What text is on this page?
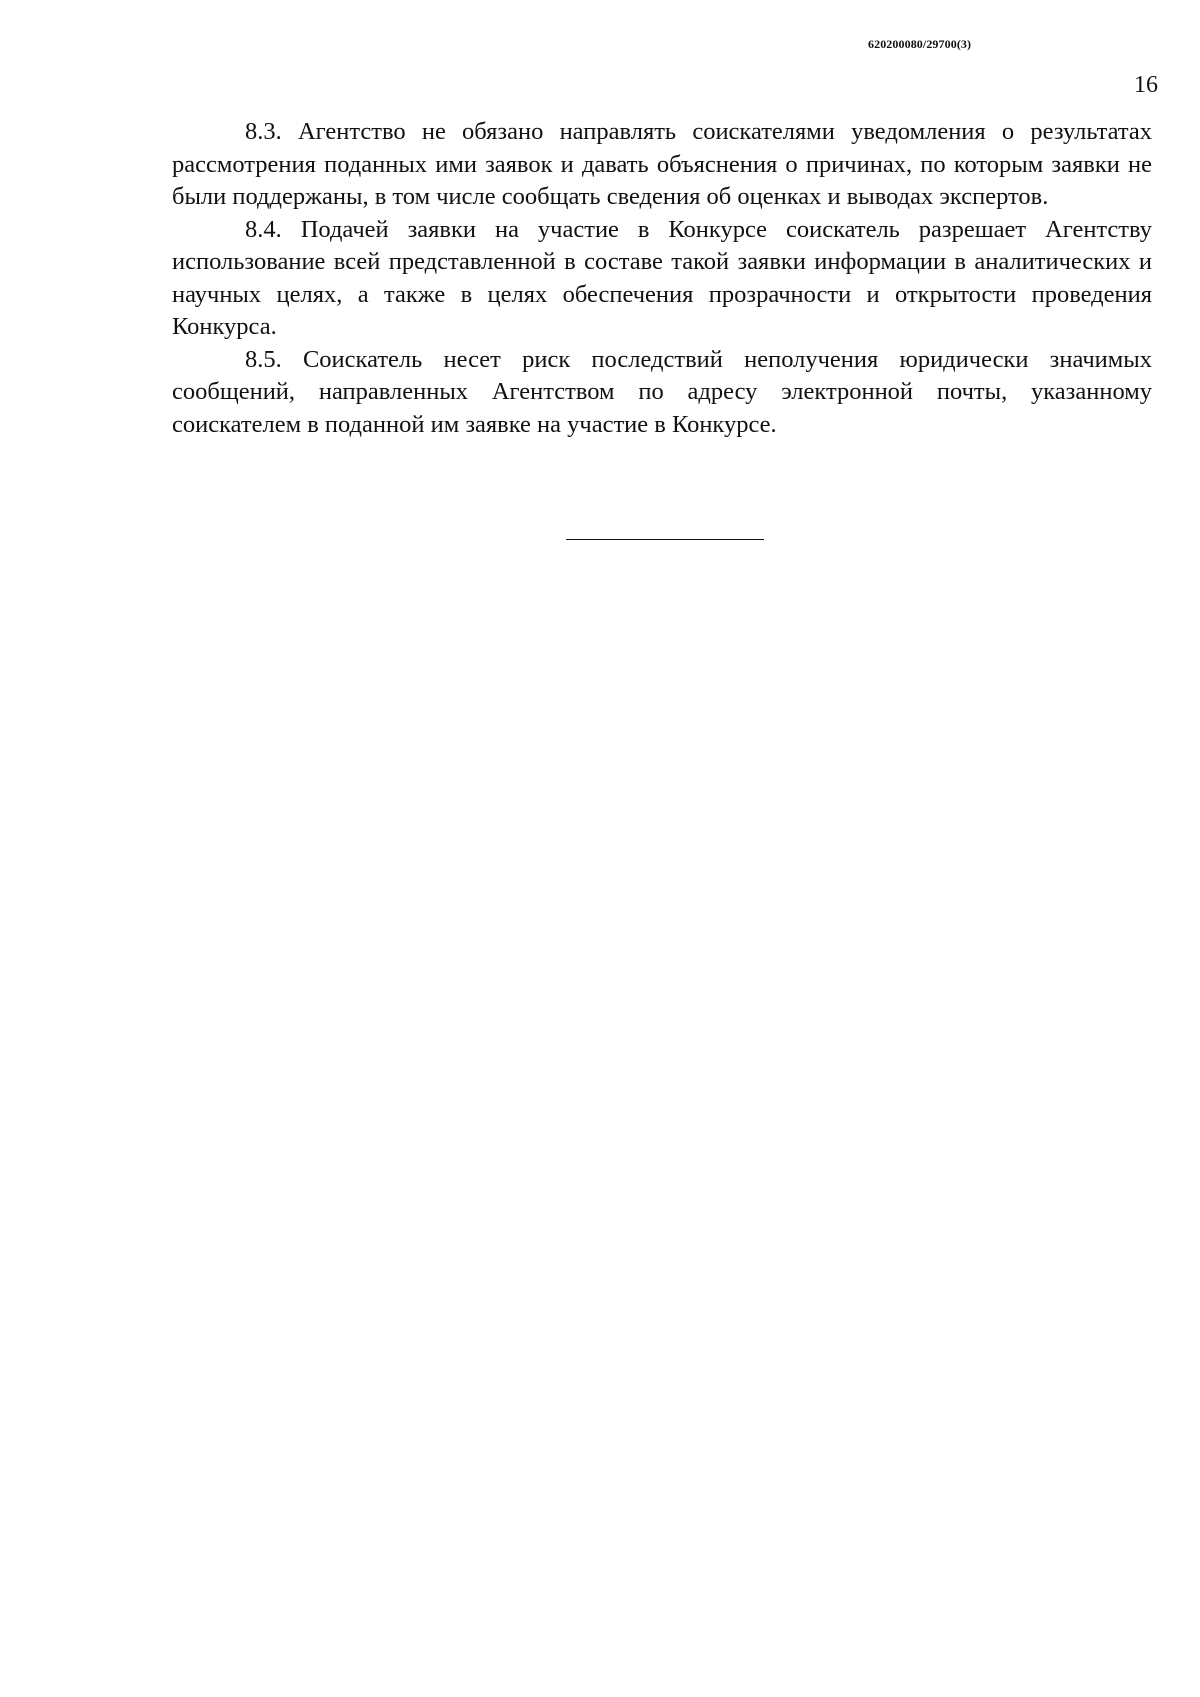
620200080/29700(3)
16

8.3. Агентство не обязано направлять соискателями уведомления о результатах рассмотрения поданных ими заявок и давать объяснения о причинах, по которым заявки не были поддержаны, в том числе сообщать сведения об оценках и выводах экспертов.

8.4. Подачей заявки на участие в Конкурсе соискатель разрешает Агентству использование всей представленной в составе такой заявки информации в аналитических и научных целях, а также в целях обеспечения прозрачности и открытости проведения Конкурса.

8.5. Соискатель несет риск последствий неполучения юридически значимых сообщений, направленных Агентством по адресу электронной почты, указанному соискателем в поданной им заявке на участие в Конкурсе.
